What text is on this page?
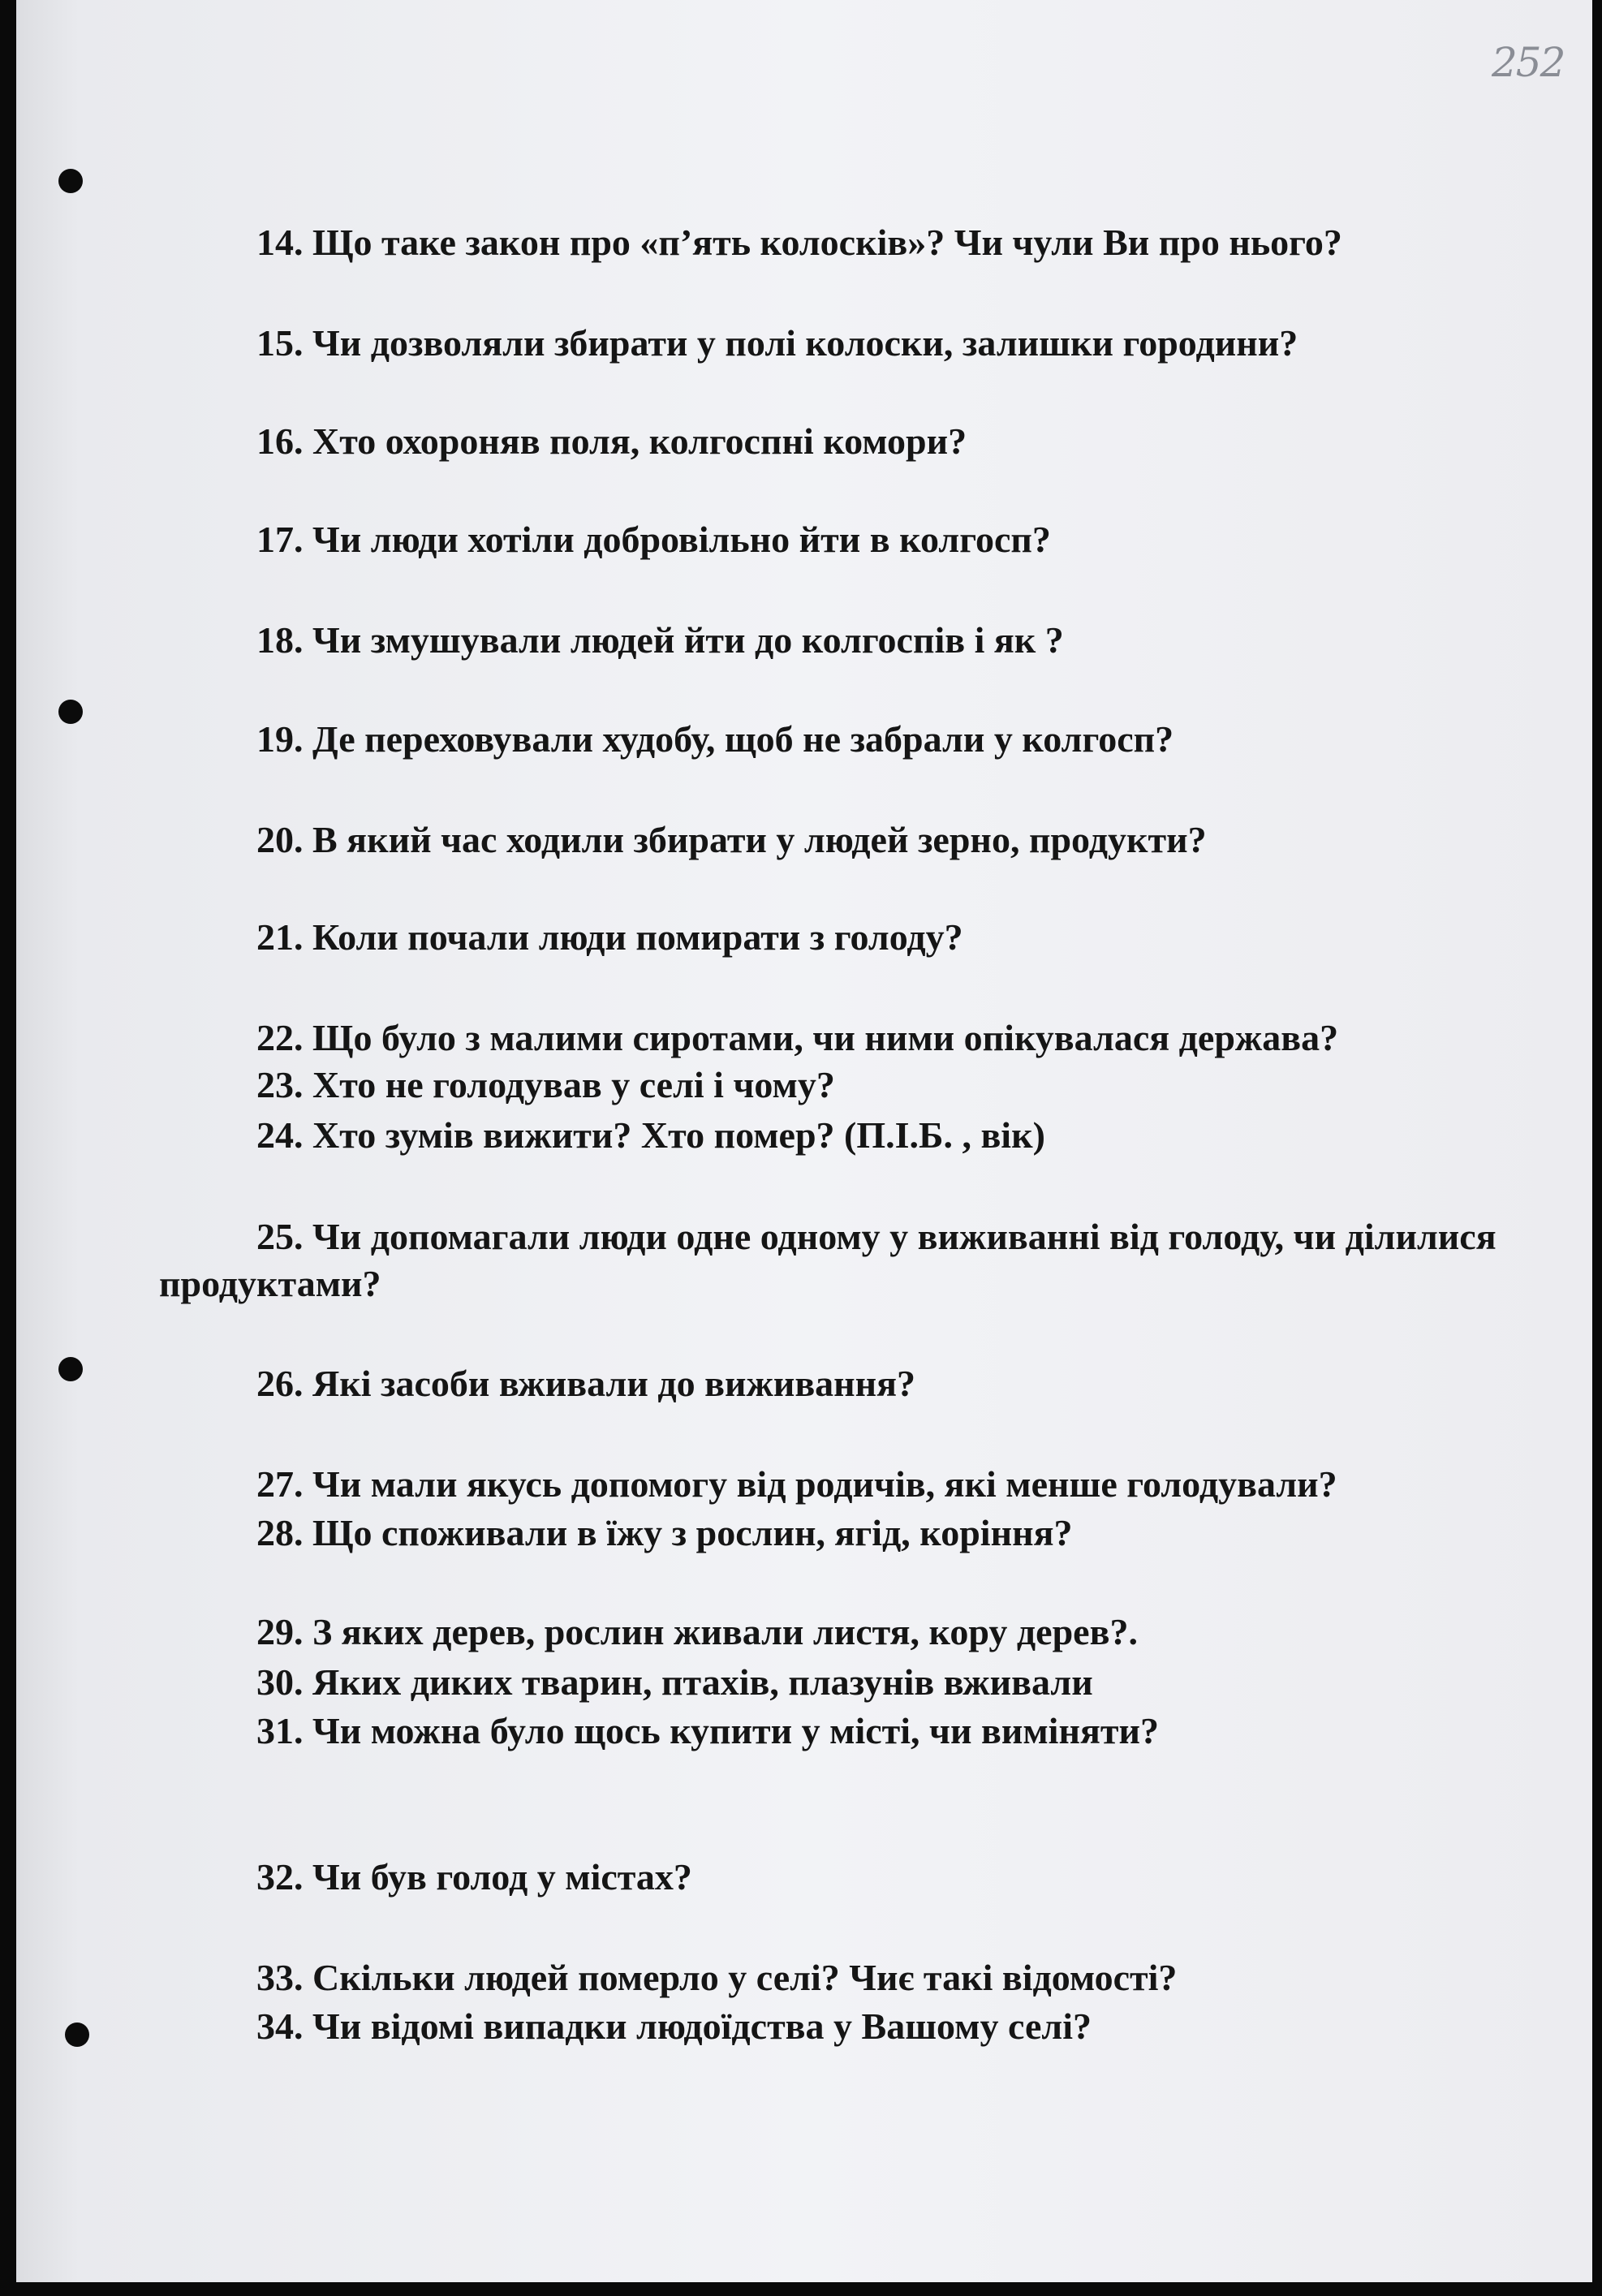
252

14. Що таке закон про «п’ять колосків»? Чи чули Ви про нього?

15. Чи дозволяли збирати у полі колоски, залишки городини?

16. Хто охороняв поля, колгоспні комори?

17. Чи люди хотіли добровільно йти в колгосп?

18. Чи змушували людей йти до колгоспів і як ?

19. Де переховували худобу, щоб не забрали у колгосп?

20. В який час ходили збирати у людей зерно, продукти?

21. Коли почали люди помирати з голоду?

22. Що було з малими сиротами, чи ними опікувалася держава?

23. Хто не голодував у селі і чому?

24. Хто зумів вижити? Хто помер? (П.І.Б. , вік)

25. Чи допомагали люди одне одному у виживанні від голоду, чи ділилися продуктами?

26. Які засоби вживали до виживання?

27. Чи мали якусь допомогу від родичів, які менше голодували?

28. Що споживали в їжу з рослин, ягід, коріння?

29. З яких дерев, рослин живали листя, кору дерев?.

30. Яких диких тварин, птахів, плазунів вживали

31. Чи можна було щось купити у місті, чи виміняти?

32. Чи був голод у містах?

33. Скільки людей померло у селі? Чиє такі відомості?

34. Чи відомі випадки людоїдства у Вашому селі?
